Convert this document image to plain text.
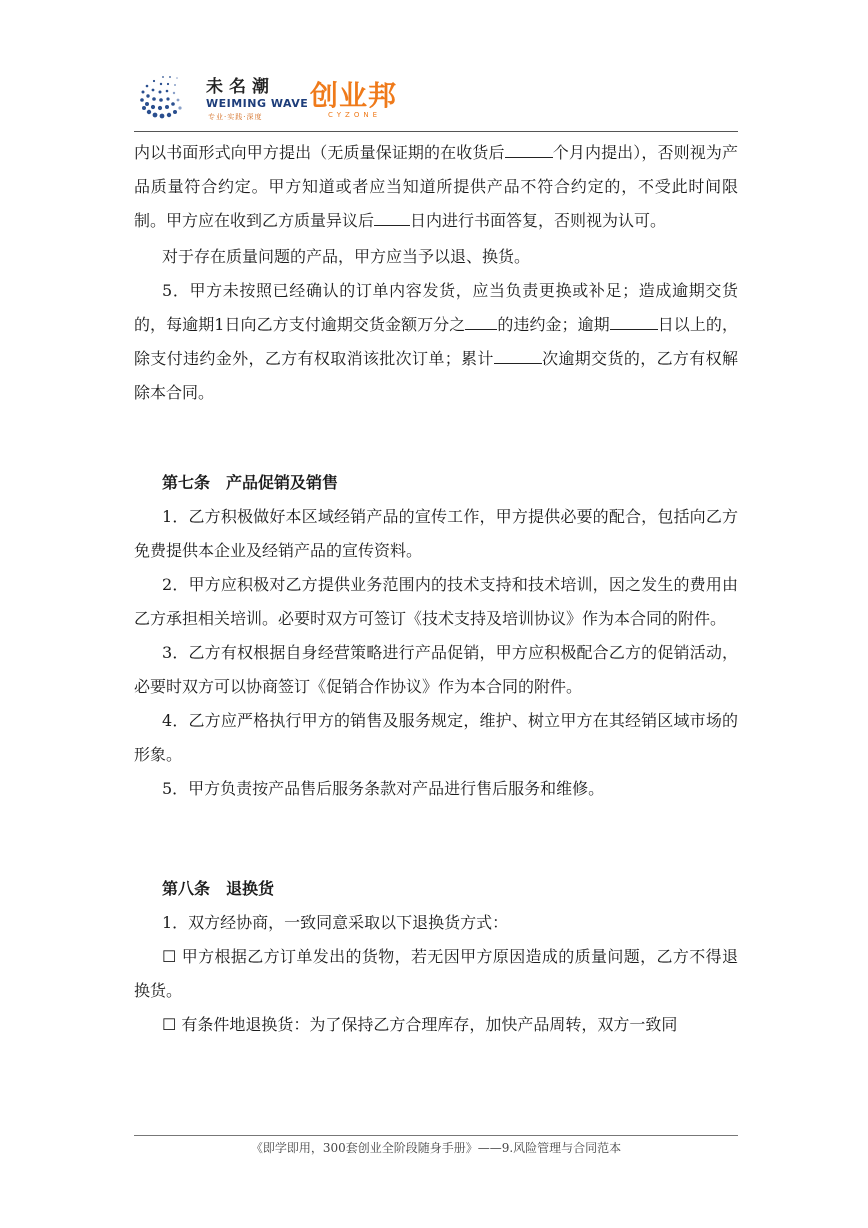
未名潮
WEIMING WAVE
专业·实践·深度
创业邦
CYZONE

内以书面形式向甲方提出（无质量保证期的在收货后	个月内提出），否则视为产品质量符合约定。甲方知道或者应当知道所提供产品不符合约定的，不受此时间限制。甲方应在收到乙方质量异议后 日内进行书面答复，否则视为认可。

对于存在质量问题的产品，甲方应当予以退、换货。

5．甲方未按照已经确认的订单内容发货，应当负责更换或补足；造成逾期交货的，每逾期1日向乙方支付逾期交货金额万分之 的违约金；逾期	日以上的，除支付违约金外，乙方有权取消该批次订单；累计	次逾期交货的，乙方有权解除本合同。

第七条　产品促销及销售

1．乙方积极做好本区域经销产品的宣传工作，甲方提供必要的配合，包括向乙方免费提供本企业及经销产品的宣传资料。

2．甲方应积极对乙方提供业务范围内的技术支持和技术培训，因之发生的费用由乙方承担相关培训。必要时双方可签订《技术支持及培训协议》作为本合同的附件。

3．乙方有权根据自身经营策略进行产品促销，甲方应积极配合乙方的促销活动，必要时双方可以协商签订《促销合作协议》作为本合同的附件。

4．乙方应严格执行甲方的销售及服务规定，维护、树立甲方在其经销区域市场的形象。

5．甲方负责按产品售后服务条款对产品进行售后服务和维修。

第八条　退换货

1．双方经协商，一致同意采取以下退换货方式：

☐ 甲方根据乙方订单发出的货物，若无因甲方原因造成的质量问题，乙方不得退换货。

☐ 有条件地退换货：为了保持乙方合理库存，加快产品周转，双方一致同

《即学即用，300套创业全阶段随身手册》——9.风险管理与合同范本
